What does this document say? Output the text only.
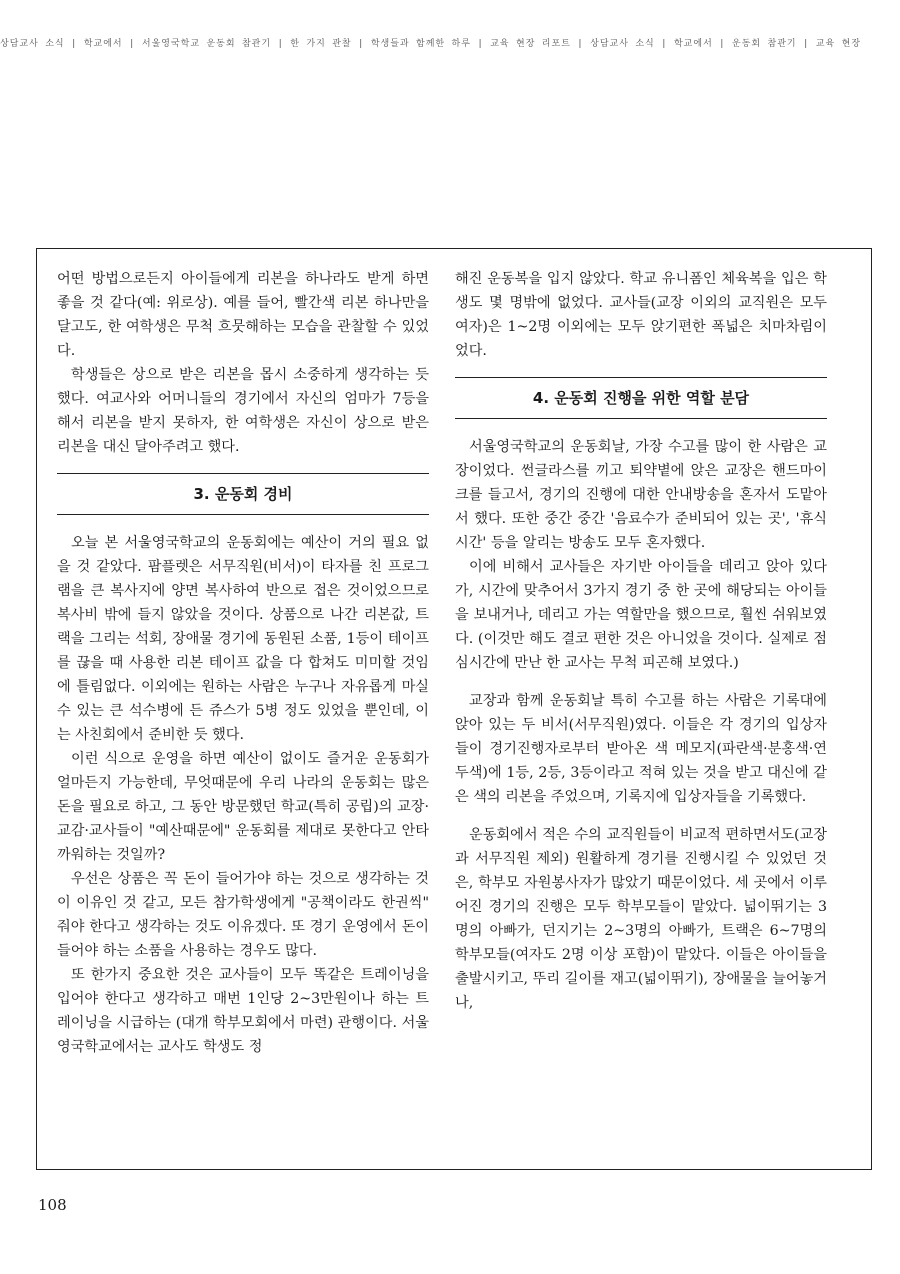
상담교사 소식 | 학교에서 | 서울영국학교 운동회 참관기 | 한 가지 관찰 | 학생들과 함께한 하루 | 교육 현장 리포트 | 상담교사 소식 | 학교에서 | 운동회 참관기 | 교육 현장

어떤 방법으로든지 아이들에게 리본을 하나라도 받게 하면 좋을 것 같다(예: 위로상). 예를 들어, 빨간색 리본 하나만을 달고도, 한 여학생은 무척 흐뭇해하는 모습을 관찰할 수 있었다.

학생들은 상으로 받은 리본을 몹시 소중하게 생각하는 듯 했다. 여교사와 어머니들의 경기에서 자신의 엄마가 7등을 해서 리본을 받지 못하자, 한 여학생은 자신이 상으로 받은 리본을 대신 달아주려고 했다.

3. 운동회 경비

오늘 본 서울영국학교의 운동회에는 예산이 거의 필요 없을 것 같았다. 팜플렛은 서무직원(비서)이 타자를 친 프로그램을 큰 복사지에 양면 복사하여 반으로 접은 것이었으므로 복사비 밖에 들지 않았을 것이다. 상품으로 나간 리본값, 트랙을 그리는 석회, 장애물 경기에 동원된 소품, 1등이 테이프를 끊을 때 사용한 리본 테이프 값을 다 합쳐도 미미할 것임에 틀림없다. 이외에는 원하는 사람은 누구나 자유롭게 마실 수 있는 큰 석수병에 든 쥬스가 5병 정도 있었을 뿐인데, 이는 사친회에서 준비한 듯 했다.

이런 식으로 운영을 하면 예산이 없이도 즐거운 운동회가 얼마든지 가능한데, 무엇때문에 우리 나라의 운동회는 많은 돈을 필요로 하고, 그 동안 방문했던 학교(특히 공립)의 교장·교감·교사들이 "예산때문에" 운동회를 제대로 못한다고 안타까워하는 것일까?

우선은 상품은 꼭 돈이 들어가야 하는 것으로 생각하는 것이 이유인 것 같고, 모든 참가학생에게 "공책이라도 한권씩" 줘야 한다고 생각하는 것도 이유겠다. 또 경기 운영에서 돈이 들어야 하는 소품을 사용하는 경우도 많다.

또 한가지 중요한 것은 교사들이 모두 똑같은 트레이닝을 입어야 한다고 생각하고 매번 1인당 2~3만원이나 하는 트레이닝을 시급하는 (대개 학부모회에서 마련) 관행이다. 서울영국학교에서는 교사도 학생도 정

해진 운동복을 입지 않았다. 학교 유니폼인 체육복을 입은 학생도 몇 명밖에 없었다. 교사들(교장 이외의 교직원은 모두 여자)은 1~2명 이외에는 모두 앉기편한 폭넓은 치마차림이었다.

4. 운동회 진행을 위한 역할 분담

서울영국학교의 운동회날, 가장 수고를 많이 한 사람은 교장이었다. 썬글라스를 끼고 퇴약볕에 앉은 교장은 핸드마이크를 들고서, 경기의 진행에 대한 안내방송을 혼자서 도맡아서 했다. 또한 중간 중간 '음료수가 준비되어 있는 곳', '휴식 시간' 등을 알리는 방송도 모두 혼자했다.

이에 비해서 교사들은 자기반 아이들을 데리고 앉아 있다가, 시간에 맞추어서 3가지 경기 중 한 곳에 해당되는 아이들을 보내거나, 데리고 가는 역할만을 했으므로, 훨씬 쉬워보였다. (이것만 해도 결코 편한 것은 아니었을 것이다. 실제로 점심시간에 만난 한 교사는 무척 피곤해 보였다.)

교장과 함께 운동회날 특히 수고를 하는 사람은 기록대에 앉아 있는 두 비서(서무직원)였다. 이들은 각 경기의 입상자들이 경기진행자로부터 받아온 색 메모지(파란색·분홍색·연두색)에 1등, 2등, 3등이라고 적혀 있는 것을 받고 대신에 같은 색의 리본을 주었으며, 기록지에 입상자들을 기록했다.

운동회에서 적은 수의 교직원들이 비교적 편하면서도(교장과 서무직원 제외) 원활하게 경기를 진행시킬 수 있었던 것은, 학부모 자원봉사자가 많았기 때문이었다. 세 곳에서 이루어진 경기의 진행은 모두 학부모들이 맡았다. 넓이뛰기는 3명의 아빠가, 던지기는 2~3명의 아빠가, 트랙은 6~7명의 학부모들(여자도 2명 이상 포함)이 맡았다. 이들은 아이들을 출발시키고, 뚜리 길이를 재고(넓이뛰기), 장애물을 늘어놓거나,

108
